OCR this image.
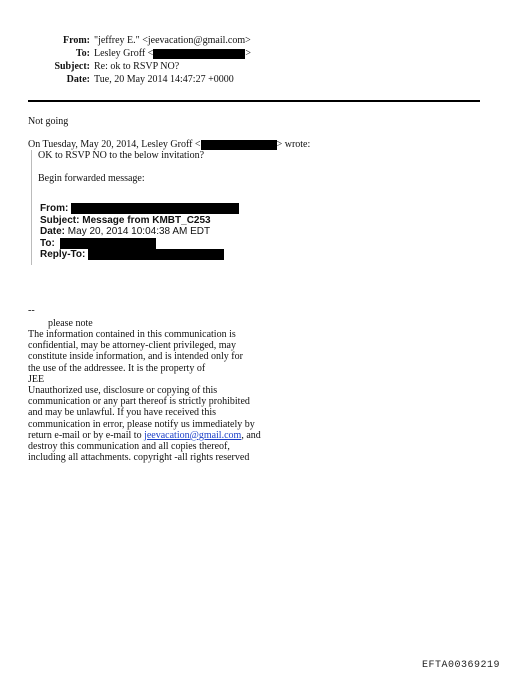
From: "jeffrey E." <jeevacation@gmail.com>
To: Lesley Groff <	>
Subject: Re: ok to RSVP NO?
Date: Tue, 20 May 2014 14:47:27 +0000
Not going
On Tuesday, May 20, 2014, Lesley Groff <	> wrote:
OK to RSVP NO to the below invitation?
Begin forwarded message:
From:
Subject: Message from KMBT_C253
Date: May 20, 2014 10:04:38 AM EDT
To:
Reply-To:
--
please note
The information contained in this communication is
confidential, may be attorney-client privileged, may
constitute inside information, and is intended only for
the use of the addressee. It is the property of
JEE
Unauthorized use, disclosure or copying of this
communication or any part thereof is strictly prohibited
and may be unlawful. If you have received this
communication in error, please notify us immediately by
return e-mail or by e-mail to jeevacation@gmail.com, and
destroy this communication and all copies thereof,
including all attachments. copyright -all rights reserved
EFTA00369219
